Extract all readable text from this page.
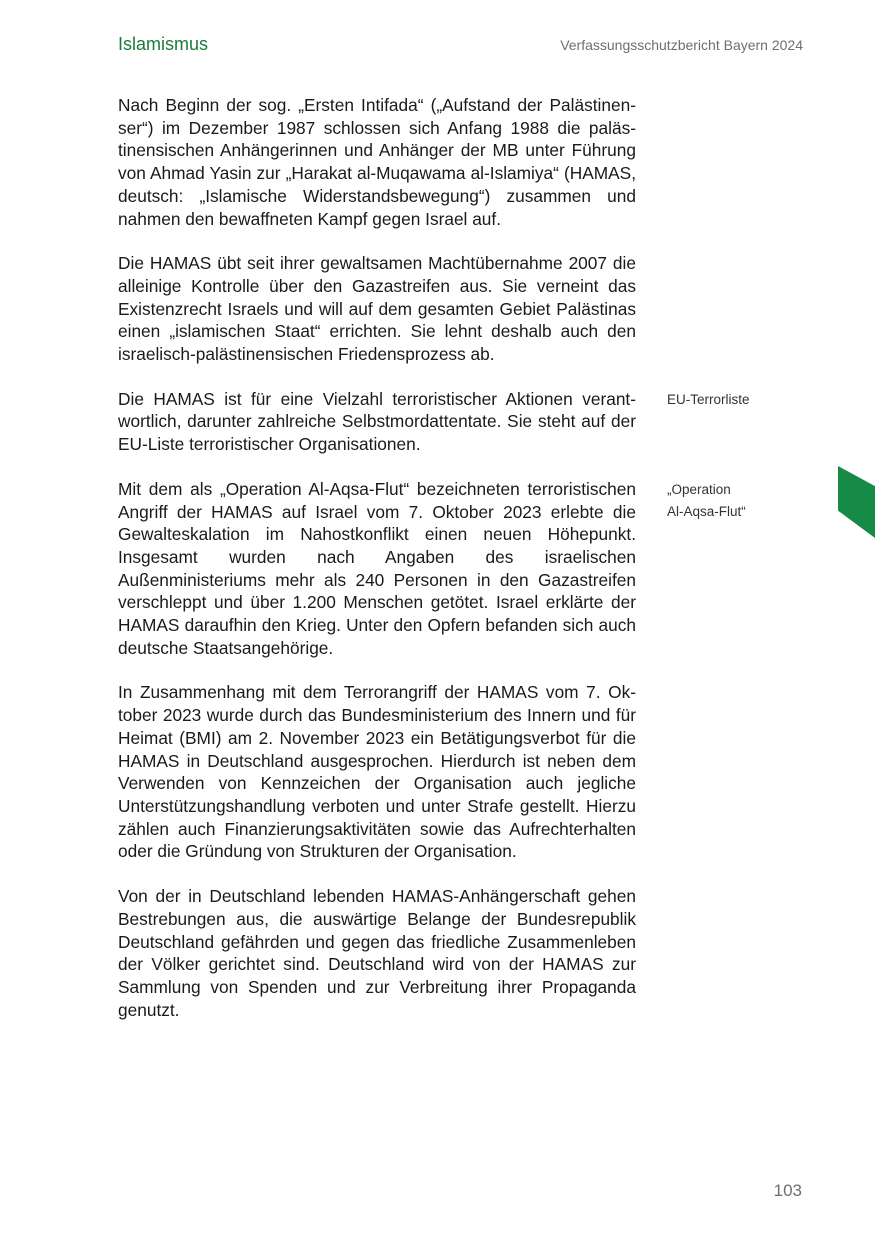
Islamismus	Verfassungsschutzbericht Bayern 2024

Nach Beginn der sog. „Ersten Intifada“ („Aufstand der Palästinenser“) im Dezember 1987 schlossen sich Anfang 1988 die palästinensischen Anhängerinnen und Anhänger der MB unter Führung von Ahmad Yasin zur „Harakat al-Muqawama al-Islamiya“ (HAMAS, deutsch: „Islamische Widerstandsbewegung“) zusammen und nahmen den bewaffneten Kampf gegen Israel auf.

Die HAMAS übt seit ihrer gewaltsamen Machtübernahme 2007 die alleinige Kontrolle über den Gazastreifen aus. Sie verneint das Existenzrecht Israels und will auf dem gesamten Gebiet Palästinas einen „islamischen Staat“ errichten. Sie lehnt deshalb auch den israelisch-palästinensischen Friedensprozess ab.

Die HAMAS ist für eine Vielzahl terroristischer Aktionen verantwortlich, darunter zahlreiche Selbstmordattentate. Sie steht auf der EU-Liste terroristischer Organisationen.

Mit dem als „Operation Al-Aqsa-Flut“ bezeichneten terroristischen Angriff der HAMAS auf Israel vom 7. Oktober 2023 erlebte die Gewalteskalation im Nahostkonflikt einen neuen Höhepunkt. Insgesamt wurden nach Angaben des israelischen Außenministeriums mehr als 240 Personen in den Gazastreifen verschleppt und über 1.200 Menschen getötet. Israel erklärte der HAMAS daraufhin den Krieg. Unter den Opfern befanden sich auch deutsche Staatsangehörige.

In Zusammenhang mit dem Terrorangriff der HAMAS vom 7. Oktober 2023 wurde durch das Bundesministerium des Innern und für Heimat (BMI) am 2. November 2023 ein Betätigungsverbot für die HAMAS in Deutschland ausgesprochen. Hierdurch ist neben dem Verwenden von Kennzeichen der Organisation auch jegliche Unterstützungshandlung verboten und unter Strafe gestellt. Hierzu zählen auch Finanzierungsaktivitäten sowie das Aufrechterhalten oder die Gründung von Strukturen der Organisation.

Von der in Deutschland lebenden HAMAS-Anhängerschaft gehen Bestrebungen aus, die auswärtige Belange der Bundesrepublik Deutschland gefährden und gegen das friedliche Zusammenleben der Völker gerichtet sind. Deutschland wird von der HAMAS zur Sammlung von Spenden und zur Verbreitung ihrer Propaganda genutzt.

EU-Terrorliste
„Operation
Al-Aqsa-Flut“
103
